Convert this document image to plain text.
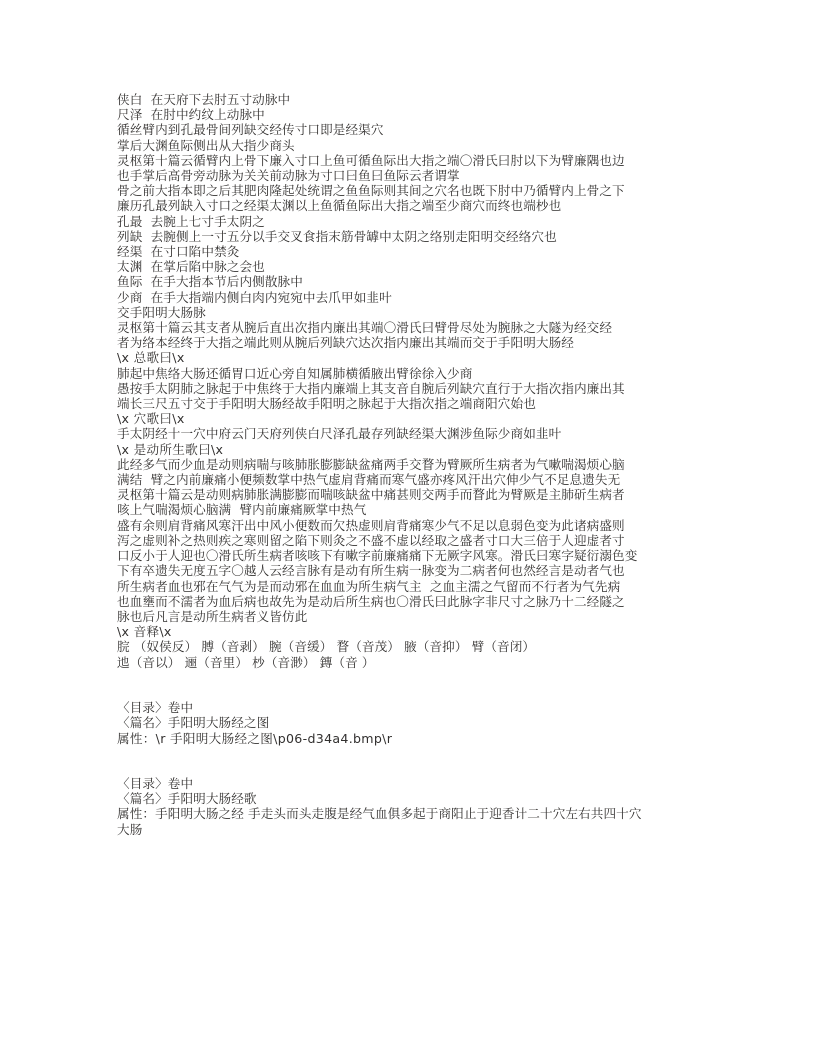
侠白  在天府下去肘五寸动脉中
尺泽  在肘中约纹上动脉中
循丝臂内到孔最骨间列缺交经传寸口即是经渠穴
掌后大渊鱼际侧出从大指少商头
灵枢第十篇云循臂内上骨下廉入寸口上鱼可循鱼际出大指之端〇滑氏曰肘以下为臂廉隅也边
也手掌后高骨旁动脉为关关前动脉为寸口曰鱼曰鱼际云者谓掌
骨之前大指本即之后其肥肉隆起处统谓之鱼鱼际则其间之穴名也既下肘中乃循臂内上骨之下
廉历孔最列缺入寸口之经渠太渊以上鱼循鱼际出大指之端至少商穴而终也端杪也
孔最  去腕上七寸手太阴之
列缺  去腕侧上一寸五分以手交叉食指末筋骨罅中太阴之络别走阳明交经络穴也
经渠  在寸口陷中禁灸
太渊  在掌后陷中脉之会也
鱼际  在手大指本节后内侧散脉中
少商  在手大指端内侧白肉内宛宛中去爪甲如韭叶
交手阳明大肠脉
灵枢第十篇云其支者从腕后直出次指内廉出其端〇滑氏曰臂骨尽处为腕脉之大隧为经交经
者为络本经终于大指之端此则从腕后列缺穴达次指内廉出其端而交于手阳明大肠经
\x 总歌曰\x
肺起中焦络大肠还循胃口近心旁自知属肺横循腋出臂徐徐入少商
愚按手太阴肺之脉起于中焦终于大指内廉端上其支音自腕后列缺穴直行于大指次指内廉出其
端长三尺五寸交于手阳明大肠经故手阳明之脉起于大指次指之端商阳穴始也
\x 穴歌曰\x
手太阴经十一穴中府云门天府列侠白尺泽孔最存列缺经渠大渊涉鱼际少商如韭叶
\x 是动所生歌曰\x
此经多气而少血是动则病喘与咳肺胀膨膨缺盆痛两手交瞀为臂厥所生病者为气嗽喘渴烦心脑
满结  臂之内前廉痛小便频数掌中热气虚肩背痛而寒气盛亦疼风汗出穴伸少气不足息遗失无
灵枢第十篇云是动则病肺胀满膨膨而喘咳缺盆中痛甚则交两手而瞀此为臂厥是主肺斫生病者
咳上气喘渴烦心脑满  臂内前廉痛厥掌中热气
盛有余则肩背痛风寒汗出中风小便数而欠热虚则肩背痛寒少气不足以息弱色变为此诸病盛则
泻之虚则补之热则疾之寒则留之陷下则灸之不盛不虚以经取之盛者寸口大三倍于人迎虚者寸
口反小于人迎也〇滑氏所生病者咳咳下有嗽字前廉痛痛下无厥字风寒。滑氏曰寒字疑衍溺色变
下有卒遗失无度五字〇越人云经言脉有是动有所生病一脉变为二病者何也然经言是动者气也
所生病者血也邪在气气为是而动邪在血血为所生病气主  之血主濡之气留而不行者为气先病
也血壅而不濡者为血后病也故先为是动后所生病也〇滑氏曰此脉字非尺寸之脉乃十二经隧之
脉也后凡言是动所生病者义皆仿此
\x 音释\x
脘 （奴侯反） 膊（音剥） 腕（音缓） 瞀（音茂） 腋（音抑） 臂（音闭）
迆（音以） 逦（音里） 杪（音渺） 鏄（音 ）
〈目录〉卷中
〈篇名〉手阳明大肠经之图
属性：\r 手阳明大肠经之图\p06-d34a4.bmp\r
〈目录〉卷中
〈篇名〉手阳明大肠经歌
属性：手阳明大肠之经 手走头而头走腹是经气血俱多起于商阳止于迎香计二十穴左右共四十穴
大肠
